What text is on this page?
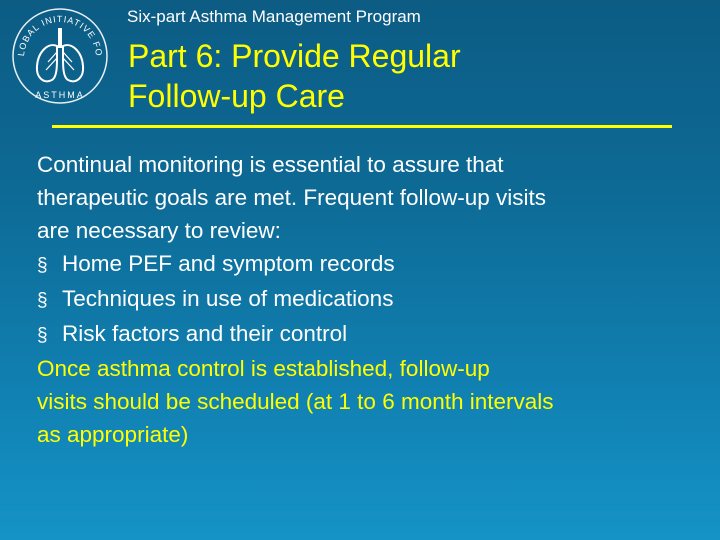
LOBAL INITIATIVE FO
ASTHMA
Six-part Asthma Management Program
Part 6: Provide Regular
Follow-up Care
Continual monitoring is essential to assure that
therapeutic goals are met. Frequent follow-up visits
are necessary to review:
§ Home PEF and symptom records
§ Techniques in use of medications
§ Risk factors and their control
Once asthma control is established, follow-up
visits should be scheduled (at 1 to 6 month intervals
as appropriate)
